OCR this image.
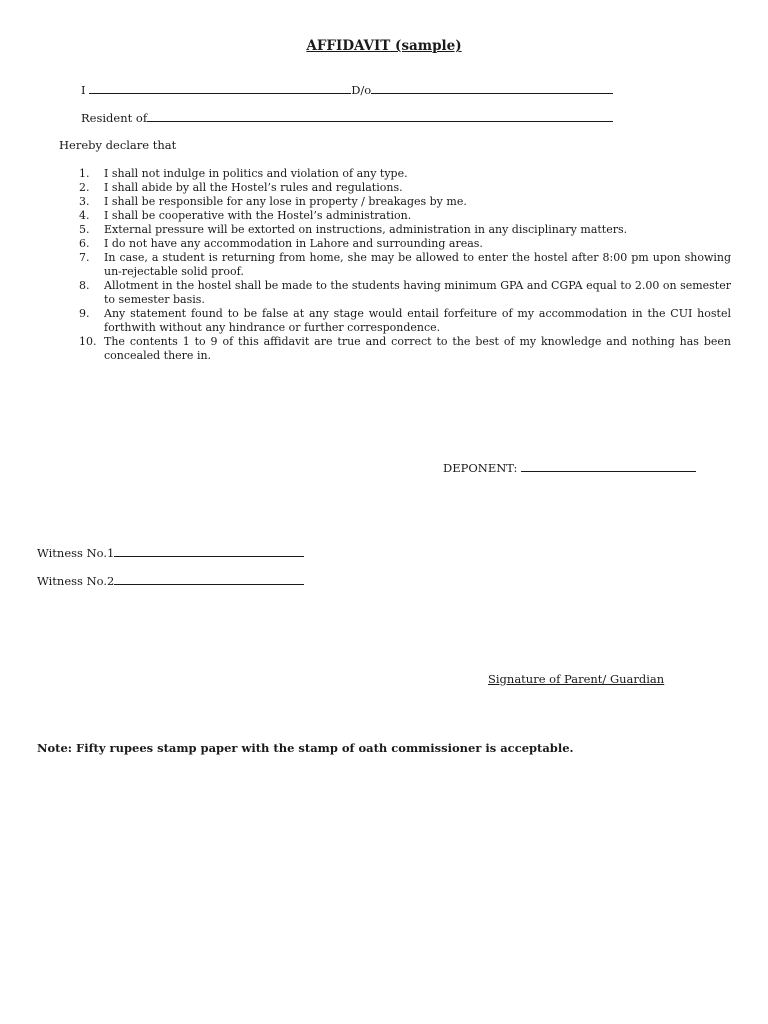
AFFIDAVIT (sample)
I	D/o
Resident of
Hereby declare that
1.	I shall not indulge in politics and violation of any type.
2.	I shall abide by all the Hostel’s rules and regulations.
3.	I shall be responsible for any lose in property / breakages by me.
4.	I shall be cooperative with the Hostel’s administration.
5.	External pressure will be extorted on instructions, administration in any disciplinary matters.
6.	I do not have any accommodation in Lahore and surrounding areas.
7.	In case, a student is returning from home, she may be allowed to enter the hostel after 8:00 pm upon showing un-rejectable solid proof.
8.	Allotment in the hostel shall be made to the students having minimum GPA and CGPA equal to 2.00 on semester to semester basis.
9.	Any statement found to be false at any stage would entail forfeiture of my accommodation in the CUI hostel forthwith without any hindrance or further correspondence.
10. The contents 1 to 9 of this affidavit are true and correct to the best of my knowledge and nothing has been concealed there in.
DEPONENT:
Witness No.1
Witness No.2
Signature of Parent/ Guardian
Note: Fifty rupees stamp paper with the stamp of oath commissioner is acceptable.
